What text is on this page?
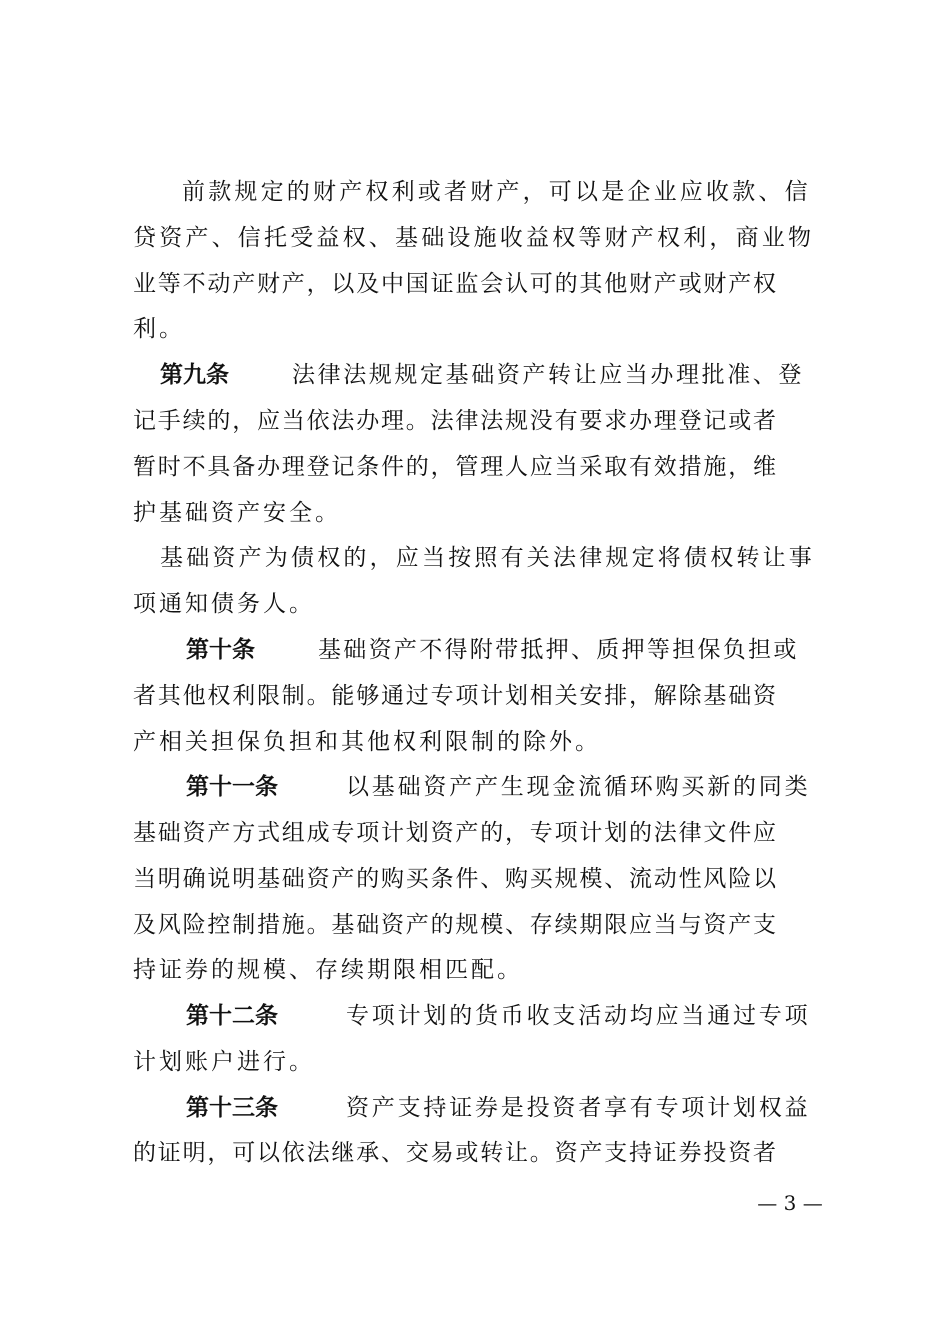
前款规定的财产权利或者财产，可以是企业应收款、信
贷资产、信托受益权、基础设施收益权等财产权利，商业物
业等不动产财产，以及中国证监会认可的其他财产或财产权
利。
第九条	法律法规规定基础资产转让应当办理批准、登
记手续的，应当依法办理。法律法规没有要求办理登记或者
暂时不具备办理登记条件的，管理人应当采取有效措施，维
护基础资产安全。
基础资产为债权的，应当按照有关法律规定将债权转让事
项通知债务人。
第十条	基础资产不得附带抵押、质押等担保负担或
者其他权利限制。能够通过专项计划相关安排，解除基础资
产相关担保负担和其他权利限制的除外。
第十一条	以基础资产产生现金流循环购买新的同类
基础资产方式组成专项计划资产的，专项计划的法律文件应
当明确说明基础资产的购买条件、购买规模、流动性风险以
及风险控制措施。基础资产的规模、存续期限应当与资产支
持证券的规模、存续期限相匹配。
第十二条	专项计划的货币收支活动均应当通过专项
计划账户进行。
第十三条	资产支持证券是投资者享有专项计划权益
的证明，可以依法继承、交易或转让。资产支持证券投资者
— 3 —
